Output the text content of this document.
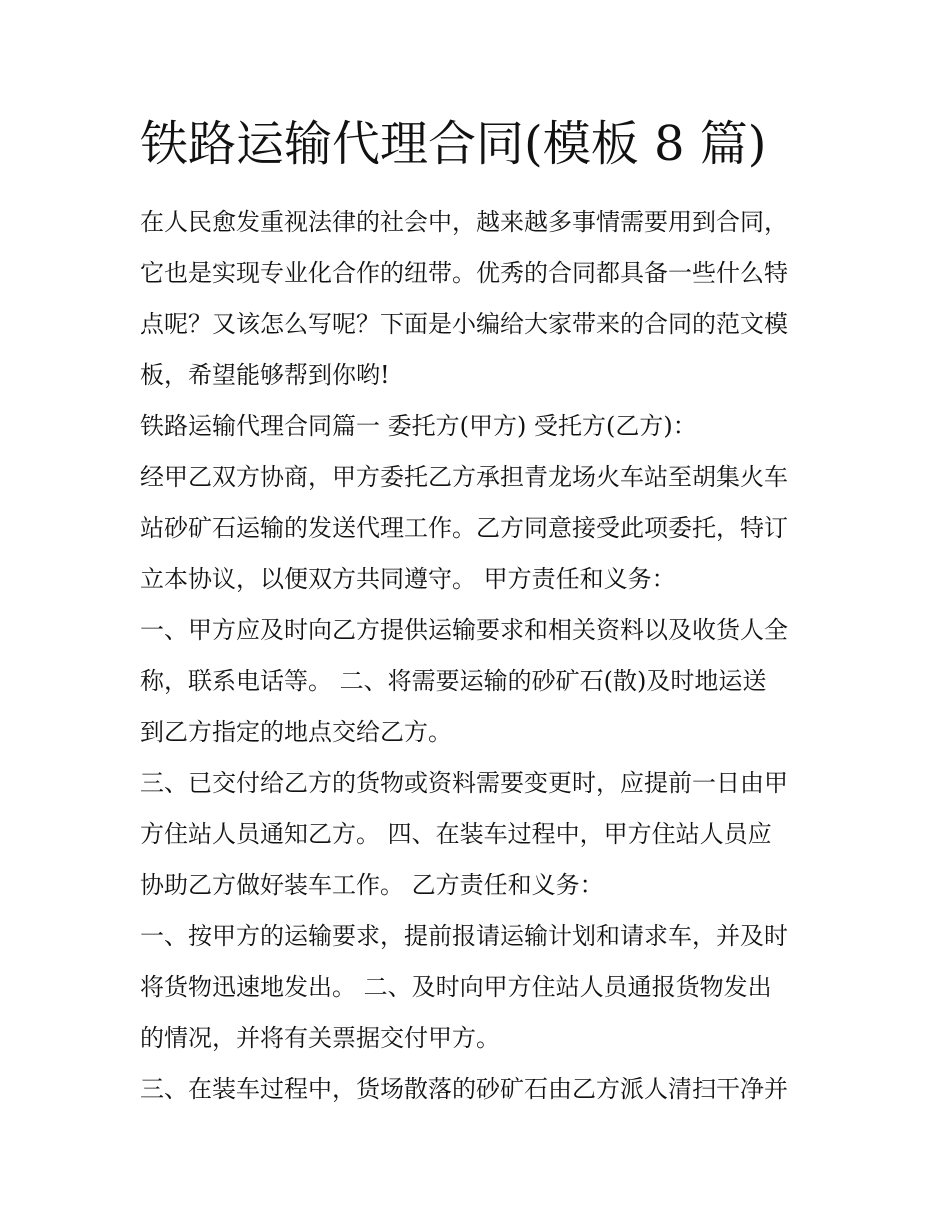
铁路运输代理合同(模板 8 篇)
在人民愈发重视法律的社会中，越来越多事情需要用到合同，
它也是实现专业化合作的纽带。优秀的合同都具备一些什么特
点呢？又该怎么写呢？下面是小编给大家带来的合同的范文模
板，希望能够帮到你哟!
铁路运输代理合同篇一 委托方(甲方) 受托方(乙方)：
经甲乙双方协商，甲方委托乙方承担青龙场火车站至胡集火车
站砂矿石运输的发送代理工作。乙方同意接受此项委托，特订
立本协议，以便双方共同遵守。 甲方责任和义务：
一、甲方应及时向乙方提供运输要求和相关资料以及收货人全
称，联系电话等。 二、将需要运输的砂矿石(散)及时地运送
到乙方指定的地点交给乙方。
三、已交付给乙方的货物或资料需要变更时，应提前一日由甲
方住站人员通知乙方。 四、在装车过程中，甲方住站人员应
协助乙方做好装车工作。 乙方责任和义务：
一、按甲方的运输要求，提前报请运输计划和请求车，并及时
将货物迅速地发出。 二、及时向甲方住站人员通报货物发出
的情况，并将有关票据交付甲方。
三、在装车过程中，货场散落的砂矿石由乙方派人清扫干净并
